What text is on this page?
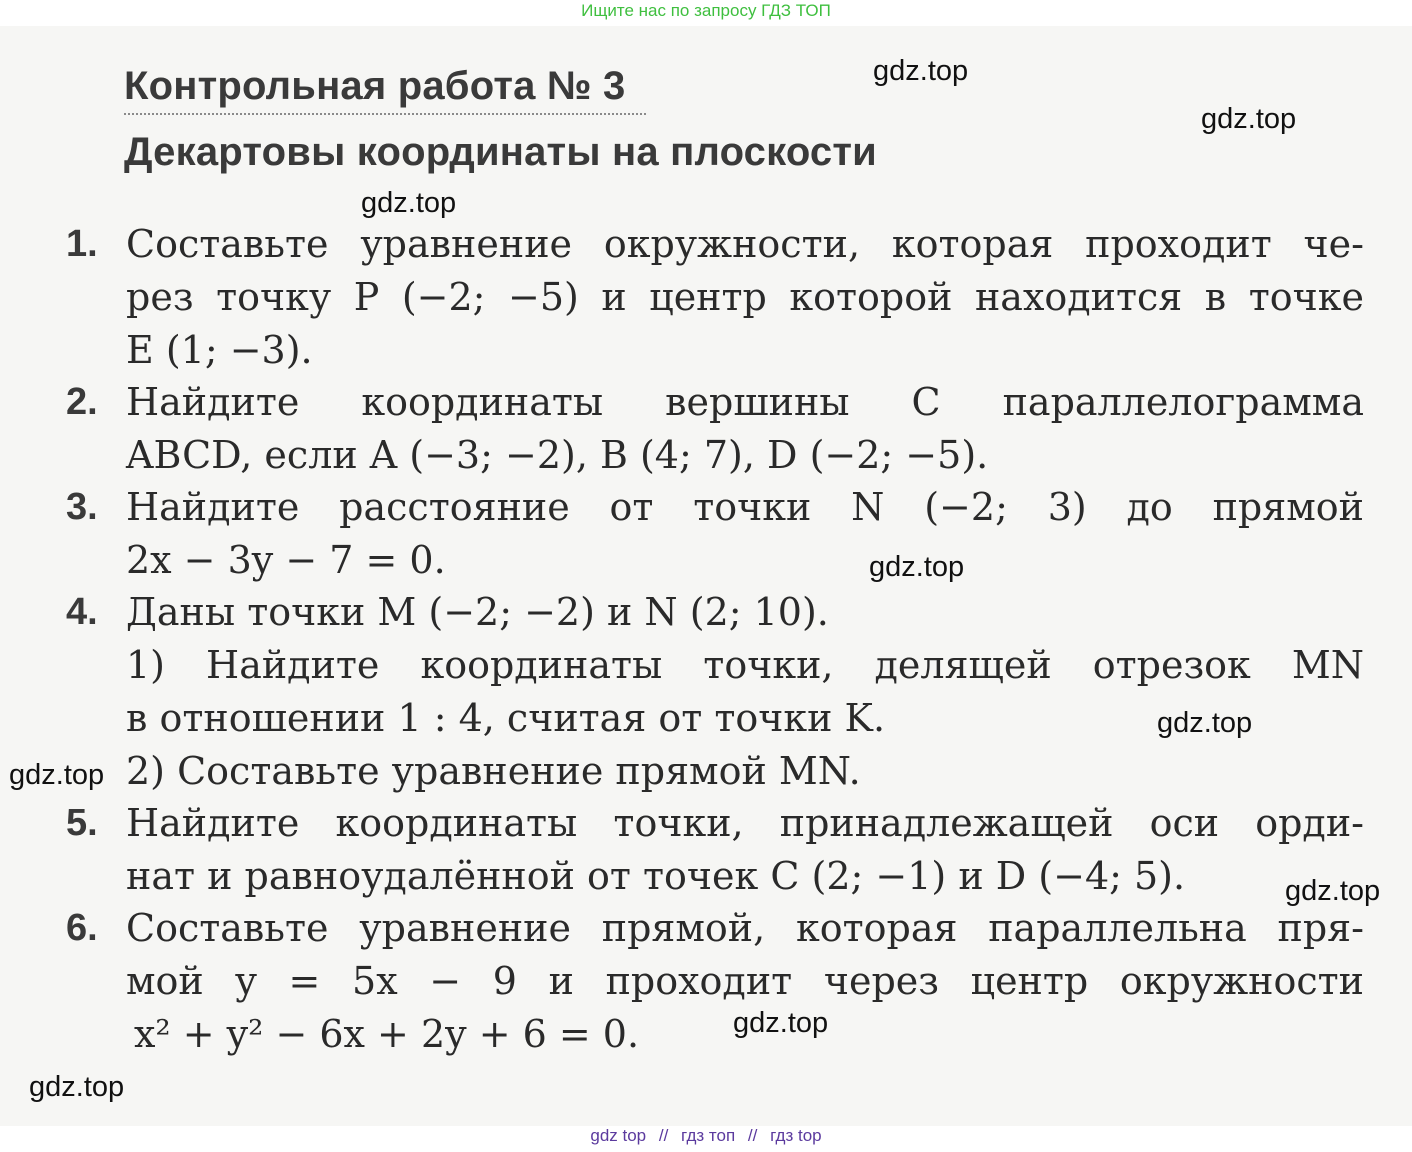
Ищите нас по запросу ГДЗ ТОП
Контрольная работа № 3
Декартовы координаты на плоскости
1. Составьте уравнение окружности, которая проходит че-
рез точку P (−2; −5) и центр которой находится в точке
E (1; −3).
2. Найдите координаты вершины C параллелограмма
ABCD, если A (−3; −2), B (4; 7), D (−2; −5).
3. Найдите расстояние от точки N (−2; 3) до прямой
2x − 3y − 7 = 0.
4. Даны точки M (−2; −2) и N (2; 10).
1) Найдите координаты точки, делящей отрезок MN
в отношении 1 : 4, считая от точки K.
2) Составьте уравнение прямой MN.
5. Найдите координаты точки, принадлежащей оси орди-
нат и равноудалённой от точек C (2; −1) и D (−4; 5).
6. Составьте уравнение прямой, которая параллельна пря-
мой y = 5x − 9 и проходит через центр окружности
x² + y² − 6x + 2y + 6 = 0.
gdz.top
gdz.top
gdz.top
gdz.top
gdz.top
gdz.top
gdz.top
gdz.top
gdz.top
gdz top // гдз топ // гдз top
